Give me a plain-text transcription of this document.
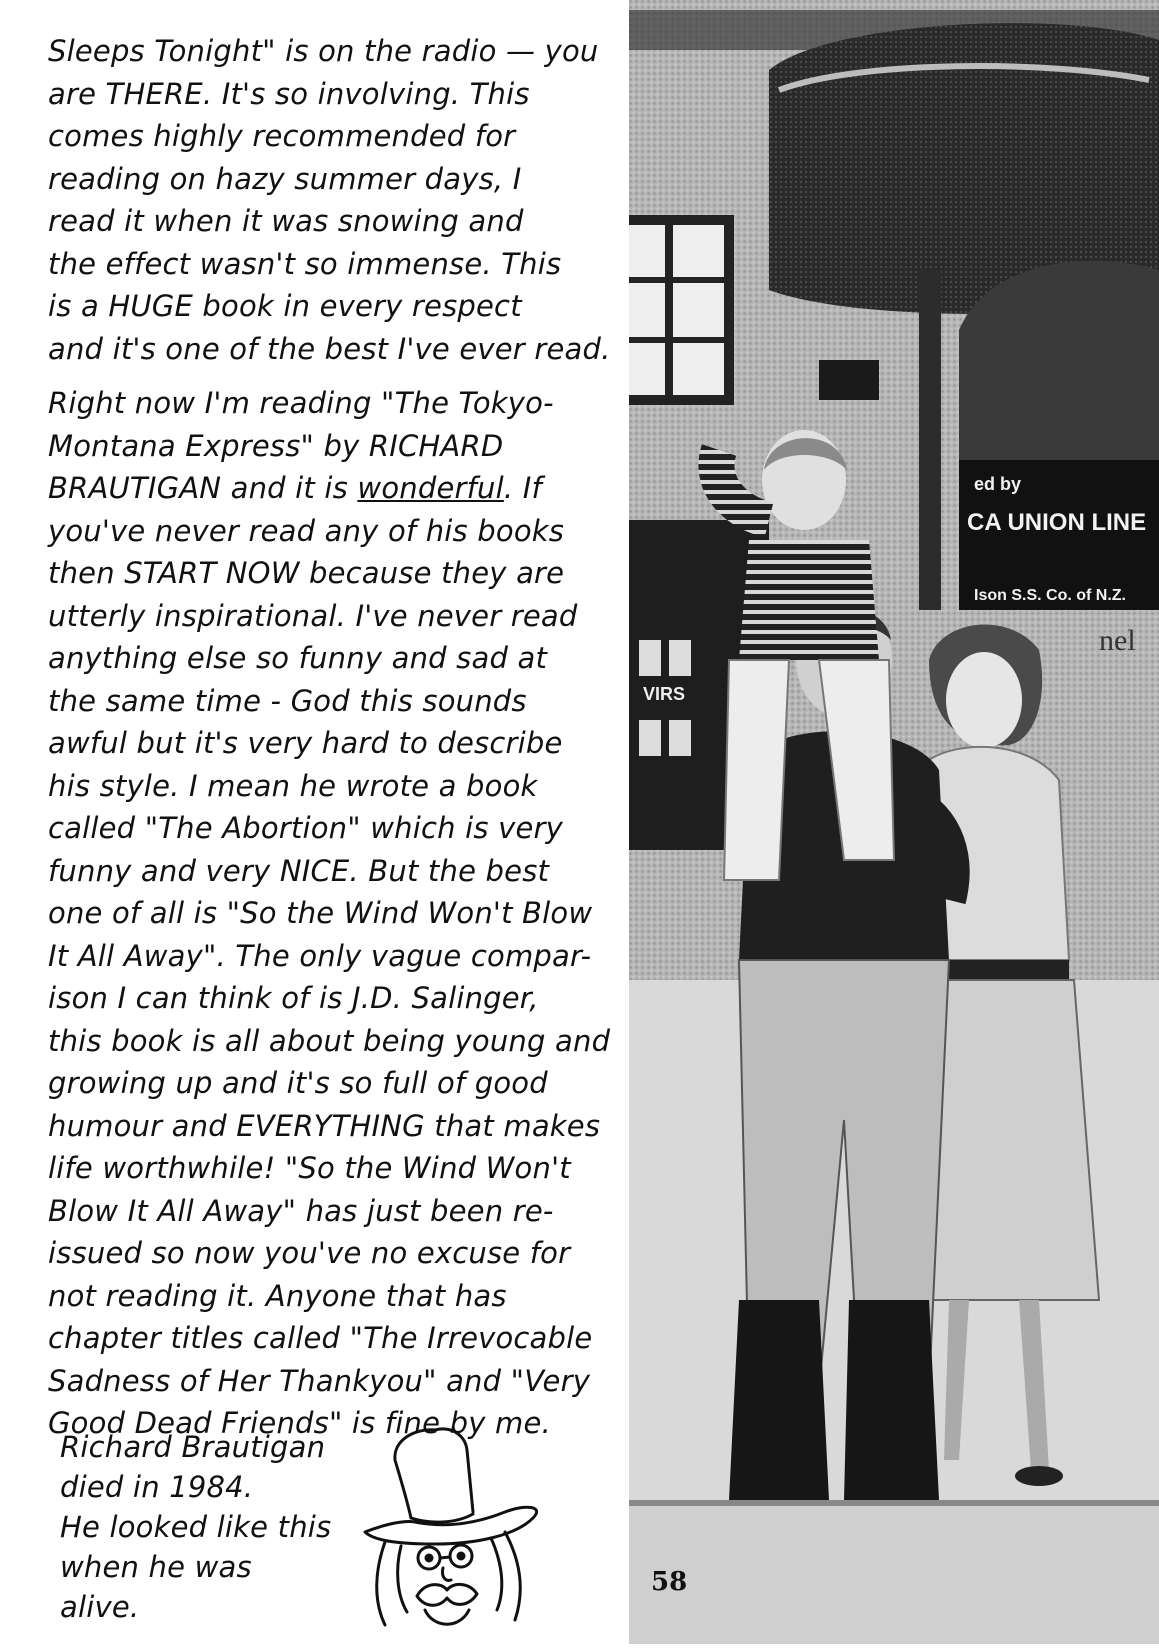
Sleeps Tonight" is on the radio — you
are THERE. It's so involving. This
comes highly recommended for
reading on hazy summer days, I
read it when it was snowing and
the effect wasn't so immense. This
is a HUGE book in every respect
and it's one of the best I've ever read.
Right now I'm reading "The Tokyo-
Montana Express" by RICHARD
BRAUTIGAN and it is wonderful. If
you've never read any of his books
then START NOW because they are
utterly inspirational. I've never read
anything else so funny and sad at
the same time - God this sounds
awful but it's very hard to describe
his style. I mean he wrote a book
called "The Abortion" which is very
funny and very NICE. But the best
one of all is "So the Wind Won't Blow
It All Away". The only vague compar-
ison I can think of is J.D. Salinger,
this book is all about being young and
growing up and it's so full of good
humour and EVERYTHING that makes
life worthwhile! "So the Wind Won't
Blow It All Away" has just been re-
issued so now you've no excuse for
not reading it. Anyone that has
chapter titles called "The Irrevocable
Sadness of Her Thankyou" and "Very
Good Dead Friends" is fine by me.
Richard Brautigan
died in 1984.
He looked like this
when he was
alive.
VIRS
ed by
CA UNION LINE
Ison S.S. Co. of N.Z.
nel
58
